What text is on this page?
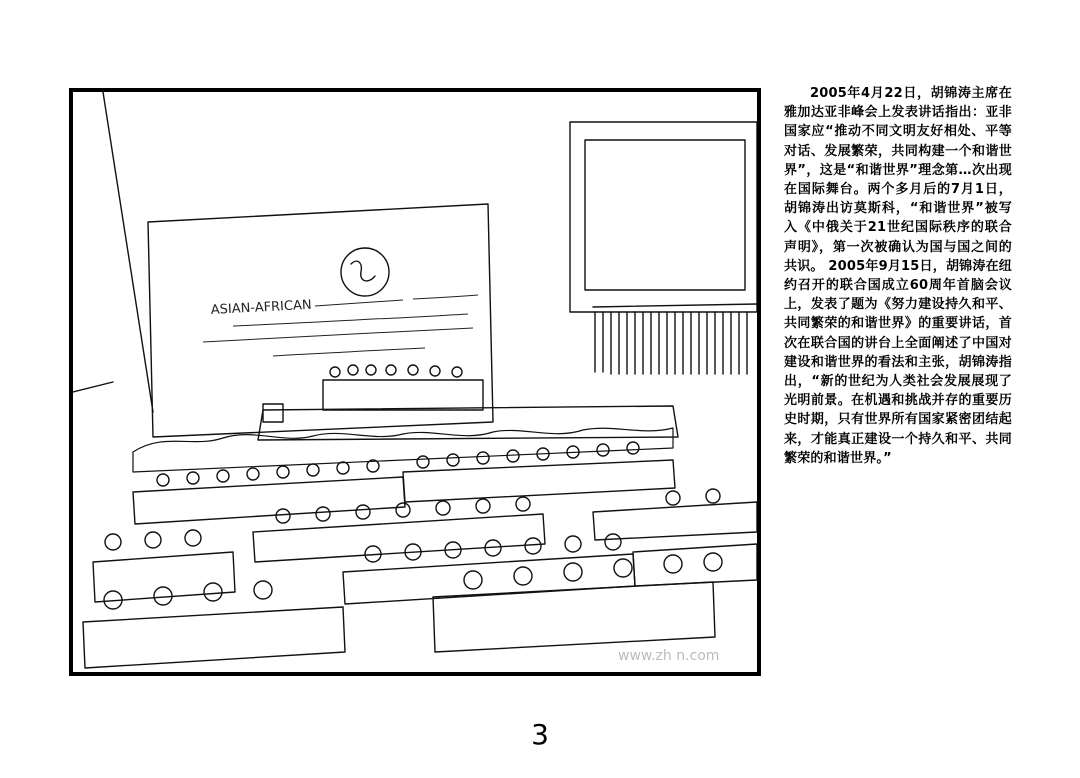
ASIAN-AFRICAN
www.zh n.com

2005年4月22日，胡锦涛主席在雅加达亚非峰会上发表讲话指出：亚非国家应“推动不同文明友好相处、平等对话、发展繁荣，共同构建一个和谐世界”，这是“和谐世界”理念第…次出现在国际舞台。两个多月后的7月1日，胡锦涛出访莫斯科，“和谐世界”被写入《中俄关于21世纪国际秩序的联合声明》，第一次被确认为国与国之间的共识。 2005年9月15日，胡锦涛在纽约召开的联合国成立60周年首脑会议上，发表了题为《努力建设持久和平、共同繁荣的和谐世界》的重要讲话，首次在联合国的讲台上全面阐述了中国对建设和谐世界的看法和主张，胡锦涛指出，“新的世纪为人类社会发展展现了光明前景。在机遇和挑战并存的重要历史时期，只有世界所有国家紧密团结起来，才能真正建设一个持久和平、共同繁荣的和谐世界。”

3
